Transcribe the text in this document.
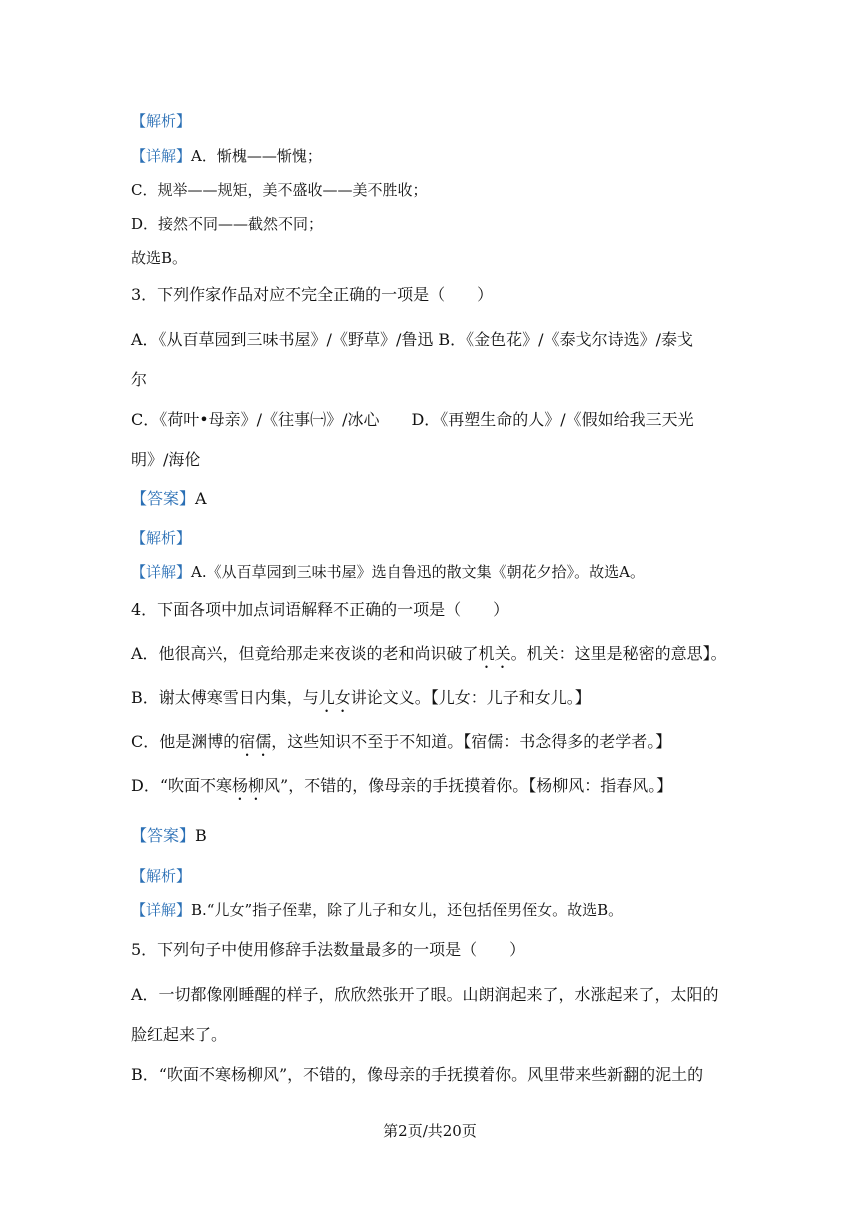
【解析】
【详解】A．惭槐——惭愧；
C．规举——规矩，美不盛收——美不胜收；
D．接然不同——截然不同；
故选B。
3．下列作家作品对应不完全正确的一项是（　　）
A．《从百草园到三味书屋》/《野草》/鲁迅 B．《金色花》/《泰戈尔诗选》/泰戈
尔
C．《荷叶•母亲》/《往事㈠》/冰心　　D．《再塑生命的人》/《假如给我三天光
明》/海伦
【答案】A
【解析】
【详解】A.《从百草园到三味书屋》选自鲁迅的散文集《朝花夕拾》。故选A。
4．下面各项中加点词语解释不正确的一项是（　　）
A．他很高兴，但竟给那走来夜谈的老和尚识破了机关。机关：这里是秘密的意思】。
B．谢太傅寒雪日内集，与儿女讲论文义。【儿女：儿子和女儿。】
C．他是渊博的宿儒，这些知识不至于不知道。【宿儒：书念得多的老学者。】
D．“吹面不寒杨柳风”，不错的，像母亲的手抚摸着你。【杨柳风：指春风。】
【答案】B
【解析】
【详解】B.“儿女”指子侄辈，除了儿子和女儿，还包括侄男侄女。故选B。
5．下列句子中使用修辞手法数量最多的一项是（　　）
A．一切都像刚睡醒的样子，欣欣然张开了眼。山朗润起来了，水涨起来了，太阳的
脸红起来了。
B．“吹面不寒杨柳风”，不错的，像母亲的手抚摸着你。风里带来些新翻的泥土的
第2页/共20页
